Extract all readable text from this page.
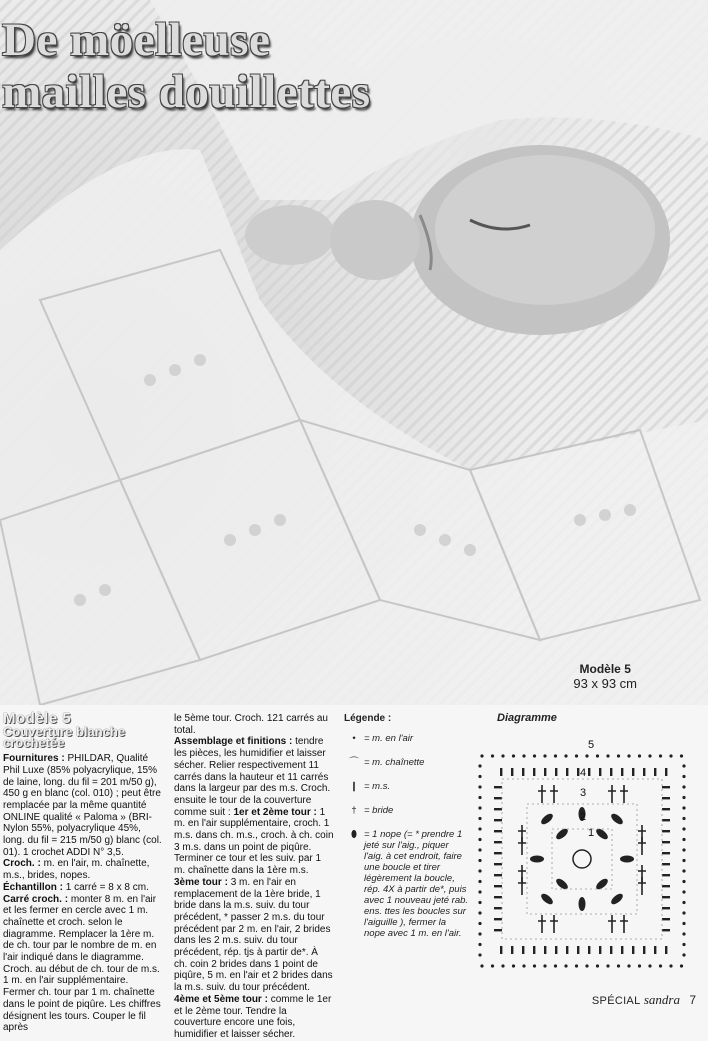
De möelleuse
mailles douillettes
Modèle 5
93 x 93 cm
Modèle 5
Couverture blanche crochetée

Fournitures : PHILDAR, Qualité Phil Luxe (85% polyacrylique, 15% de laine, long. du fil = 201 m/50 g), 450 g en blanc (col. 010) ; peut être remplacée par la même quantité ONLINE qualité « Paloma » (BRI-Nylon 55%, polyacrylique 45%, long. du fil = 215 m/50 g) blanc (col. 01). 1 crochet ADDI N° 3,5.

Croch. : m. en l'air, m. chaînette, m.s., brides, nopes.

Échantillon : 1 carré = 8 x 8 cm.

Carré croch. : monter 8 m. en l'air et les fermer en cercle avec 1 m. chaînette et croch. selon le diagramme. Remplacer la 1ère m. de ch. tour par le nombre de m. en l'air indiqué dans le diagramme. Croch. au début de ch. tour de m.s. 1 m. en l'air supplémentaire. Fermer ch. tour par 1 m. chaînette dans le point de piqûre. Les chiffres désignent les tours. Couper le fil après

le 5ème tour. Croch. 121 carrés au total.

Assemblage et finitions : tendre les pièces, les humidifier et laisser sécher. Relier respectivement 11 carrés dans la hauteur et 11 carrés dans la largeur par des m.s. Croch. ensuite le tour de la couverture comme suit : 1er et 2ème tour : 1 m. en l'air supplémentaire, croch. 1 m.s. dans ch. m.s., croch. à ch. coin 3 m.s. dans un point de piqûre. Terminer ce tour et les suiv. par 1 m. chaînette dans la 1ère m.s. 3ème tour : 3 m. en l'air en remplacement de la 1ère bride, 1 bride dans la m.s. suiv. du tour précédent, * passer 2 m.s. du tour précédent par 2 m. en l'air, 2 brides dans les 2 m.s. suiv. du tour précédent, rép. tjs à partir de*. À ch. coin 2 brides dans 1 point de piqûre, 5 m. en l'air et 2 brides dans la m.s. suiv. du tour précédent.

4ème et 5ème tour : comme le 1er et le 2ème tour. Tendre la couverture encore une fois, humidifier et laisser sécher.

Légende :
• = m. en l'air
⌒ = m. chaînette
❙ = m.s.
† = bride
⬮ = 1 nope (= * prendre 1 jeté sur l'aig., piquer l'aig. à cet endroit, faire une boucle et tirer légèrement la boucle, rép. 4X à partir de*, puis avec 1 nouveau jeté rab. ens. ttes les boucles sur l'aiguille ), fermer la nope avec 1 m. en l'air.
Diagramme
5
4
3
2
1
SPÉCIAL sandra 7
